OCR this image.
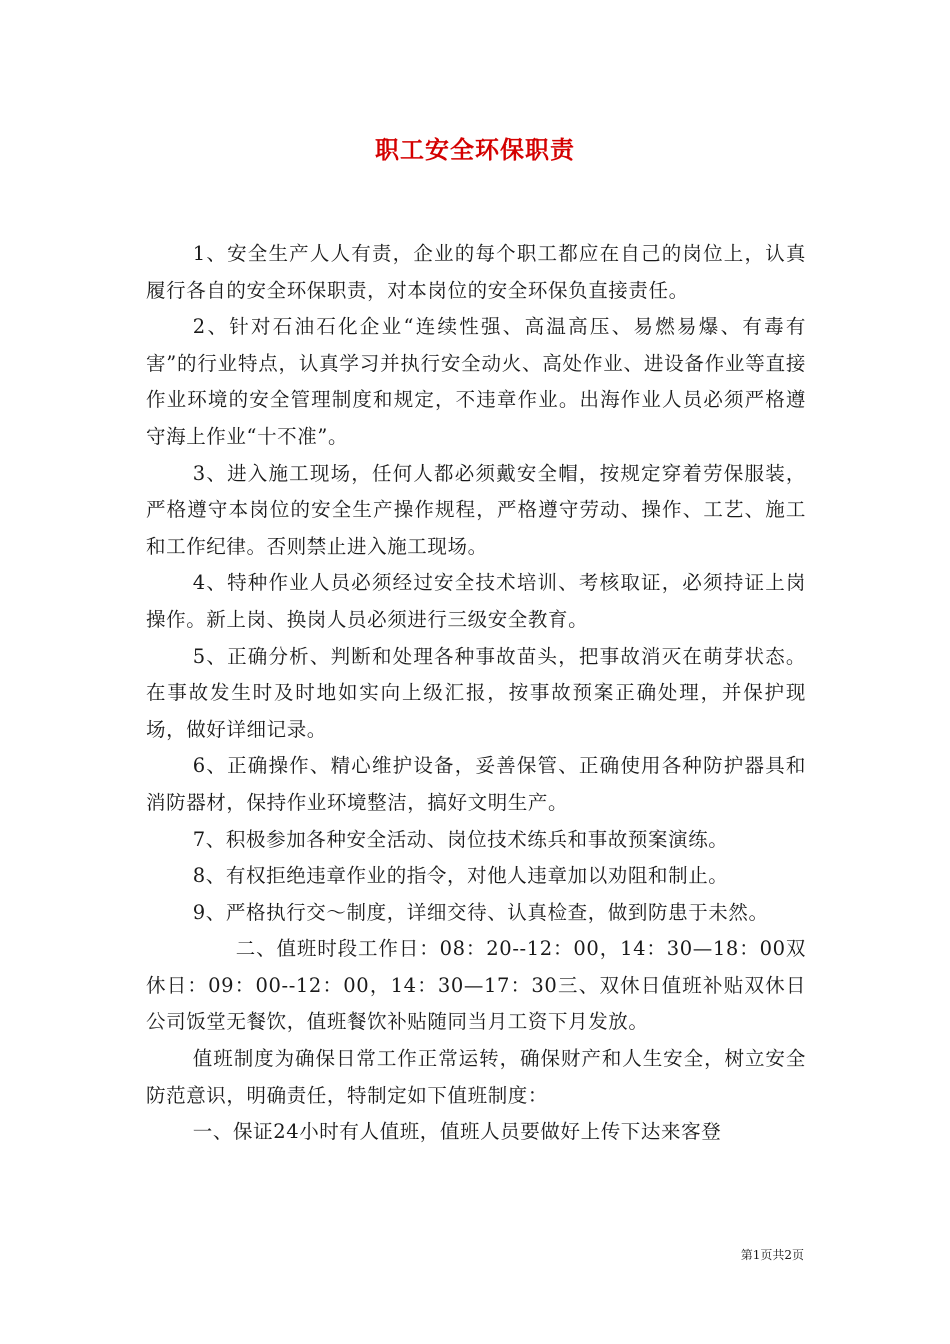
职工安全环保职责

1、安全生产人人有责，企业的每个职工都应在自己的岗位上，认真履行各自的安全环保职责，对本岗位的安全环保负直接责任。

2、针对石油石化企业“连续性强、高温高压、易燃易爆、有毒有害”的行业特点，认真学习并执行安全动火、高处作业、进设备作业等直接作业环境的安全管理制度和规定，不违章作业。出海作业人员必须严格遵守海上作业“十不准”。

3、进入施工现场，任何人都必须戴安全帽，按规定穿着劳保服装，严格遵守本岗位的安全生产操作规程，严格遵守劳动、操作、工艺、施工和工作纪律。否则禁止进入施工现场。

4、特种作业人员必须经过安全技术培训、考核取证，必须持证上岗操作。新上岗、换岗人员必须进行三级安全教育。

5、正确分析、判断和处理各种事故苗头，把事故消灭在萌芽状态。在事故发生时及时地如实向上级汇报，按事故预案正确处理，并保护现场，做好详细记录。

6、正确操作、精心维护设备，妥善保管、正确使用各种防护器具和消防器材，保持作业环境整洁，搞好文明生产。

7、积极参加各种安全活动、岗位技术练兵和事故预案演练。

8、有权拒绝违章作业的指令，对他人违章加以劝阻和制止。

9、严格执行交～制度，详细交待、认真检查，做到防患于未然。

二、值班时段工作日：08：20--12：00，14：30—18：00双休日：09：00--12：00，14：30—17：30三、双休日值班补贴双休日公司饭堂无餐饮，值班餐饮补贴随同当月工资下月发放。

值班制度为确保日常工作正常运转，确保财产和人生安全，树立安全防范意识，明确责任，特制定如下值班制度：

一、保证24小时有人值班，值班人员要做好上传下达来客登

第1页共2页
